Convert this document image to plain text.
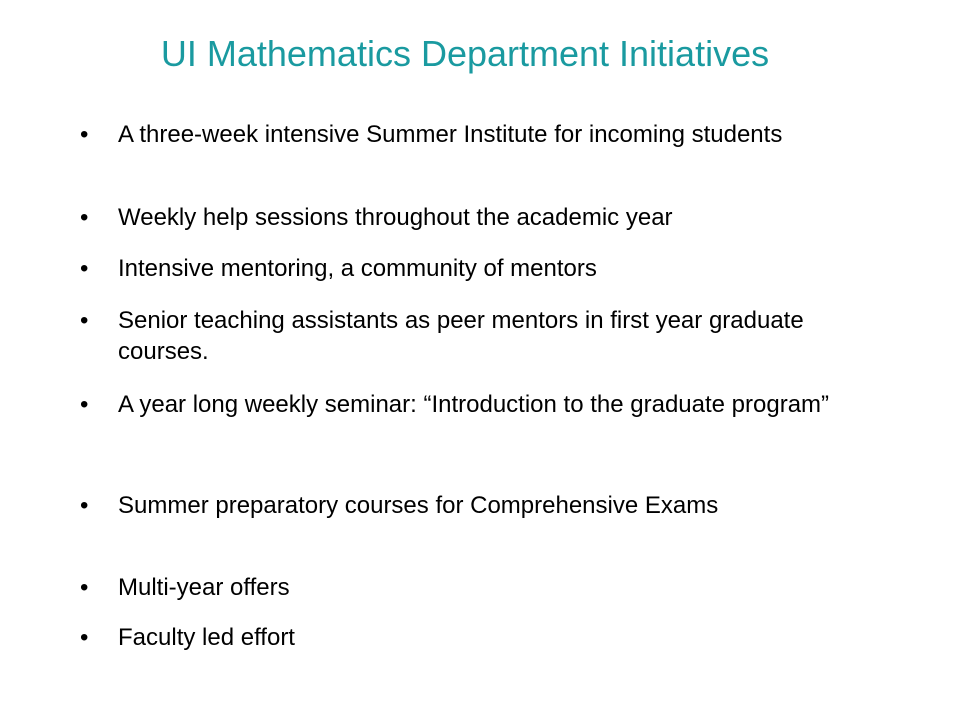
UI Mathematics Department Initiatives
•	A three-week intensive Summer Institute for incoming students
•	Weekly help sessions throughout the academic year
•	Intensive mentoring, a community of mentors
•	Senior teaching assistants as peer mentors in first year graduate courses.
•	A year long weekly seminar: “Introduction to the graduate program”
•	Summer preparatory courses for Comprehensive Exams
•	Multi-year offers
•	Faculty led effort
